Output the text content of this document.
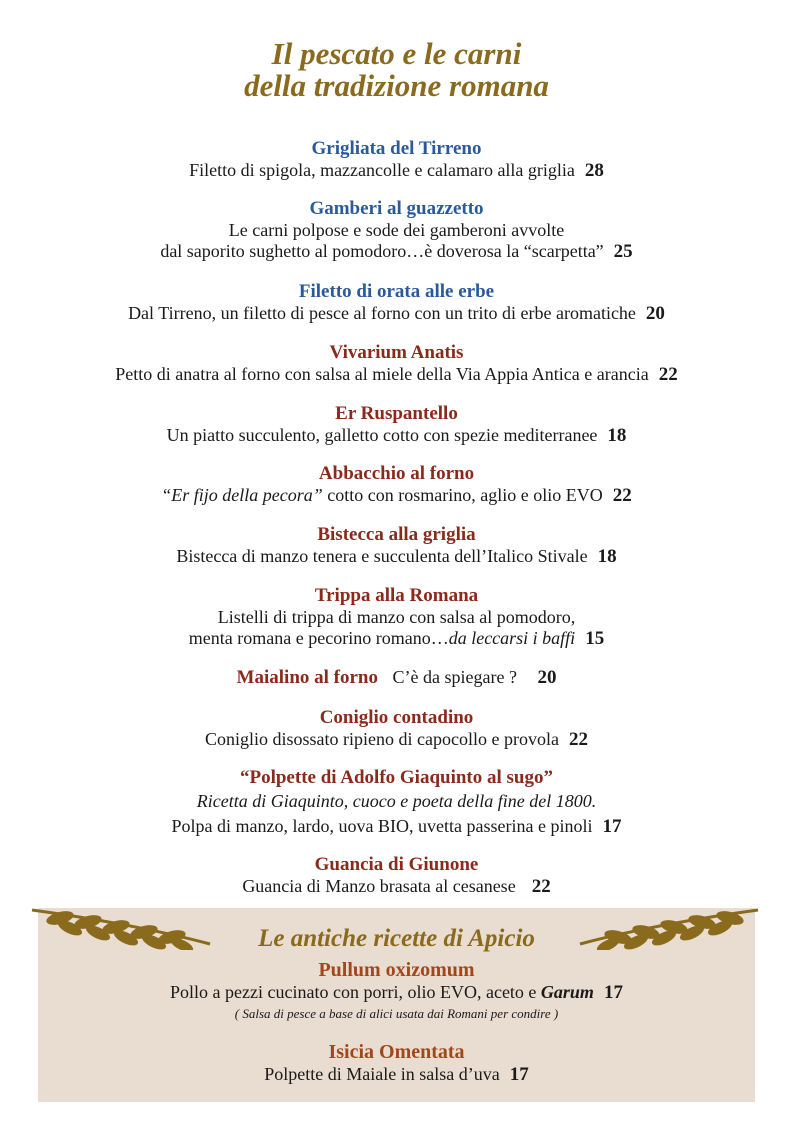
Il pescato e le carni
della tradizione romana
Grigliata del Tirreno
Filetto di spigola, mazzancolle e calamaro alla griglia 28
Gamberi al guazzetto
Le carni polpose e sode dei gamberoni avvolte
dal saporito sughetto al pomodoro…è doverosa la “scarpetta” 25
Filetto di orata alle erbe
Dal Tirreno, un filetto di pesce al forno con un trito di erbe aromatiche 20
Vivarium Anatis
Petto di anatra al forno con salsa al miele della Via Appia Antica e arancia 22
Er Ruspantello
Un piatto succulento, galletto cotto con spezie mediterranee 18
Abbacchio al forno
“Er fijo della pecora” cotto con rosmarino, aglio e olio EVO 22
Bistecca alla griglia
Bistecca di manzo tenera e succulenta dell’Italico Stivale 18
Trippa alla Romana
Listelli di trippa di manzo con salsa al pomodoro,
menta romana e pecorino romano…da leccarsi i baffi 15
Maialino al forno C’è da spiegare ? 20
Coniglio contadino
Coniglio disossato ripieno di capocollo e provola 22
“Polpette di Adolfo Giaquinto al sugo”
Ricetta di Giaquinto, cuoco e poeta della fine del 1800.
Polpa di manzo, lardo, uova BIO, uvetta passerina e pinoli 17
Guancia di Giunone
Guancia di Manzo brasata al cesanese 22
Le antiche ricette di Apicio
Pullum oxizomum
Pollo a pezzi cucinato con porri, olio EVO, aceto e Garum 17
( Salsa di pesce a base di alici usata dai Romani per condire )
Isicia Omentata
Polpette di Maiale in salsa d’uva 17
